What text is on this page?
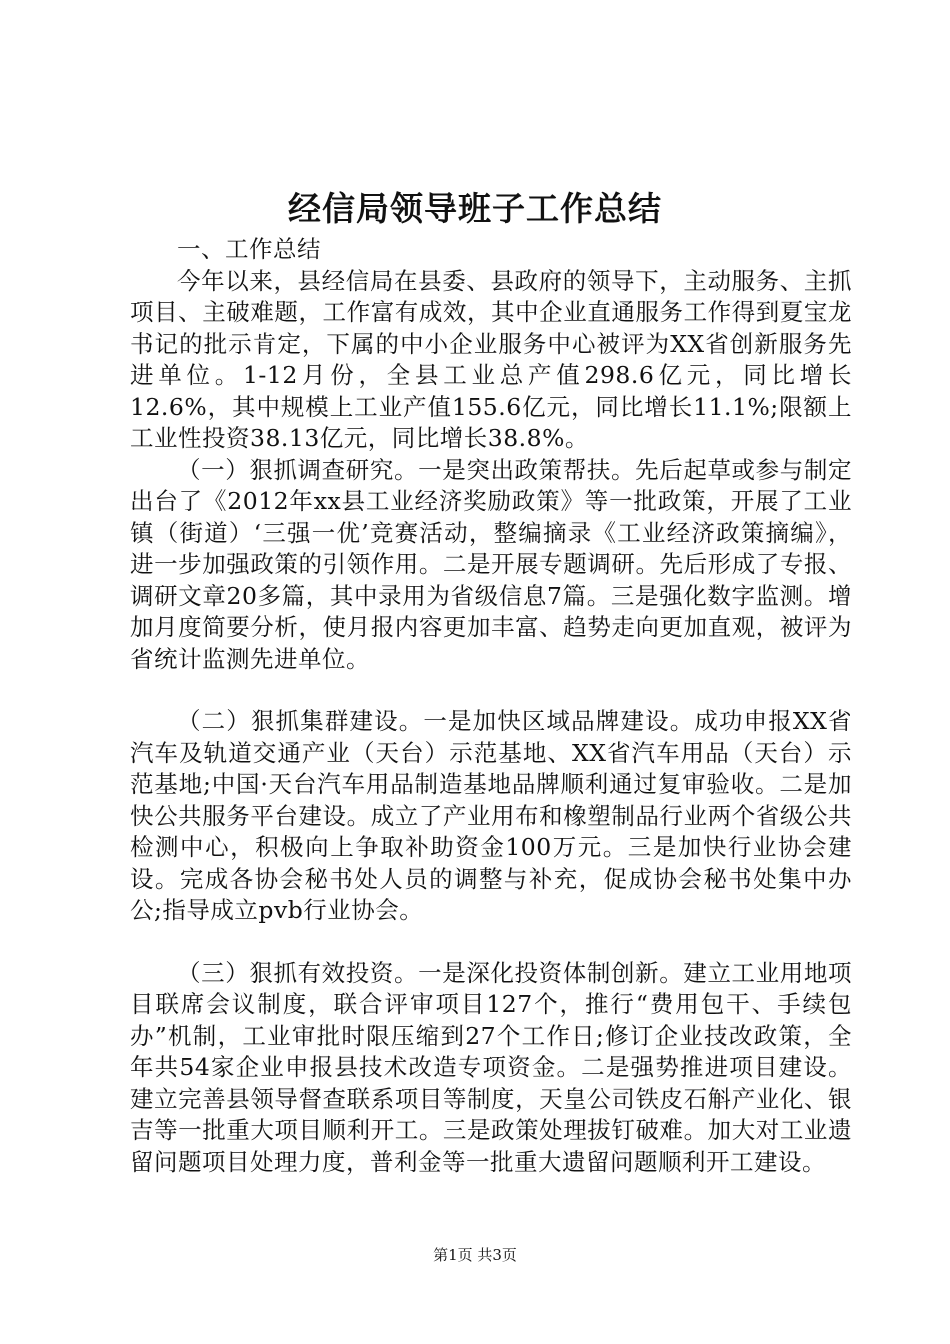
经信局领导班子工作总结

一、工作总结

今年以来，县经信局在县委、县政府的领导下，主动服务、主抓项目、主破难题，工作富有成效，其中企业直通服务工作得到夏宝龙书记的批示肯定，下属的中小企业服务中心被评为XX省创新服务先进单位。1-12月份，全县工业总产值298.6亿元，同比增长12.6%，其中规模上工业产值155.6亿元，同比增长11.1%;限额上工业性投资38.13亿元，同比增长38.8%。

（一）狠抓调查研究。一是突出政策帮扶。先后起草或参与制定出台了《2012年xx县工业经济奖励政策》等一批政策，开展了工业镇（街道）‘三强一优’竞赛活动，整编摘录《工业经济政策摘编》，进一步加强政策的引领作用。二是开展专题调研。先后形成了专报、调研文章20多篇，其中录用为省级信息7篇。三是强化数字监测。增加月度简要分析，使月报内容更加丰富、趋势走向更加直观，被评为省统计监测先进单位。

（二）狠抓集群建设。一是加快区域品牌建设。成功申报XX省汽车及轨道交通产业（天台）示范基地、XX省汽车用品（天台）示范基地;中国·天台汽车用品制造基地品牌顺利通过复审验收。二是加快公共服务平台建设。成立了产业用布和橡塑制品行业两个省级公共检测中心，积极向上争取补助资金100万元。三是加快行业协会建设。完成各协会秘书处人员的调整与补充，促成协会秘书处集中办公;指导成立pvb行业协会。

（三）狠抓有效投资。一是深化投资体制创新。建立工业用地项目联席会议制度，联合评审项目127个，推行“费用包干、手续包办”机制，工业审批时限压缩到27个工作日;修订企业技改政策，全年共54家企业申报县技术改造专项资金。二是强势推进项目建设。建立完善县领导督查联系项目等制度，天皇公司铁皮石斛产业化、银吉等一批重大项目顺利开工。三是政策处理拔钉破难。加大对工业遗留问题项目处理力度，普利金等一批重大遗留问题顺利开工建设。

第1页 共3页
